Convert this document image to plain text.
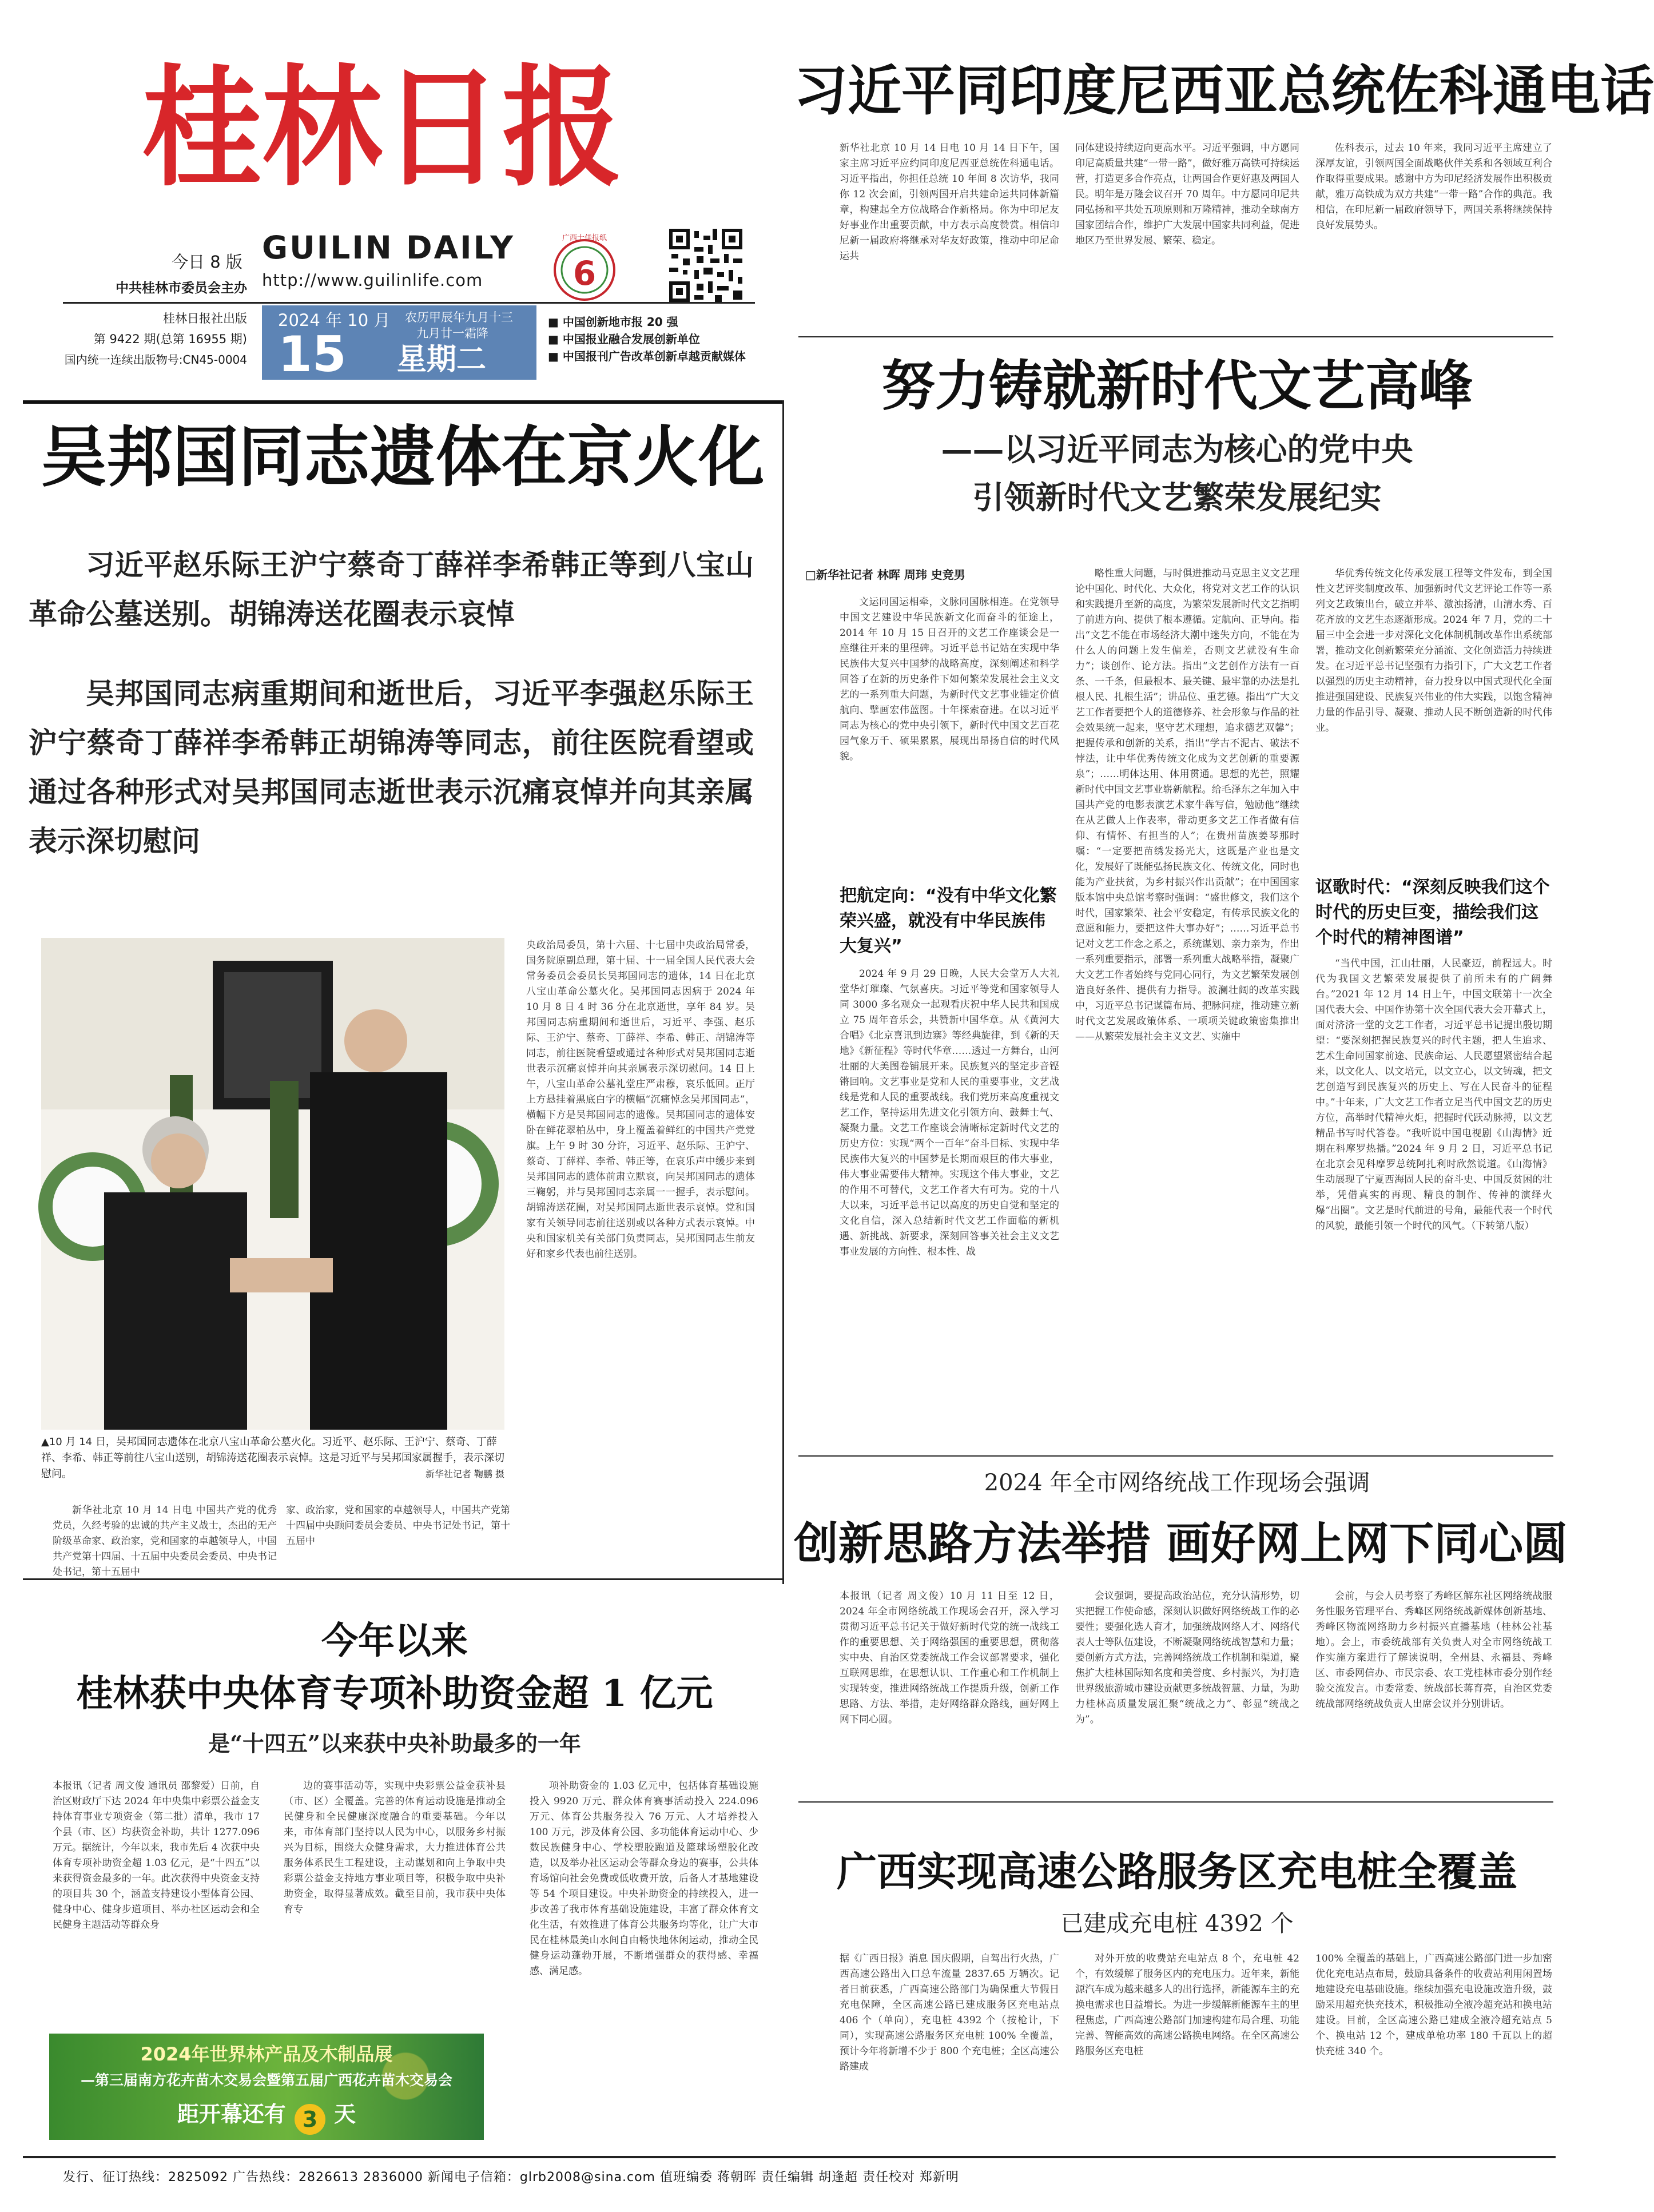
桂林日报
今日 8 版
中共桂林市委员会主办
GUILIN DAILY
http://www.guilinlife.com	6
广西十佳报纸
桂林日报社出版
第 9422 期(总第 16955 期)
国内统一连续出版物号:CN45-0004
2024 年 10 月
15
农历甲辰年九月十三
九月廿一霜降
星期二
■ 中国创新地市报 20 强
■ 中国报业融合发展创新单位
■ 中国报刊广告改革创新卓越贡献媒体
吴邦国同志遗体在京火化

习近平赵乐际王沪宁蔡奇丁薛祥李希韩正等到八宝山革命公墓送别。胡锦涛送花圈表示哀悼

吴邦国同志病重期间和逝世后，习近平李强赵乐际王沪宁蔡奇丁薛祥李希韩正胡锦涛等同志，前往医院看望或通过各种形式对吴邦国同志逝世表示沉痛哀悼并向其亲属表示深切慰问

▲10 月 14 日，吴邦国同志遗体在北京八宝山革命公墓火化。习近平、赵乐际、王沪宁、蔡奇、丁薛祥、李希、韩正等前往八宝山送别，胡锦涛送花圈表示哀悼。这是习近平与吴邦国家属握手，表示深切慰问。	新华社记者 鞠鹏 摄

央政治局委员，第十六届、十七届中央政治局常委，国务院原副总理，第十届、十一届全国人民代表大会常务委员会委员长吴邦国同志的遗体，14 日在北京八宝山革命公墓火化。吴邦国同志因病于 2024 年 10 月 8 日 4 时 36 分在北京逝世，享年 84 岁。吴邦国同志病重期间和逝世后，习近平、李强、赵乐际、王沪宁、蔡奇、丁薛祥、李希、韩正、胡锦涛等同志，前往医院看望或通过各种形式对吴邦国同志逝世表示沉痛哀悼并向其亲属表示深切慰问。14 日上午，八宝山革命公墓礼堂庄严肃穆，哀乐低回。正厅上方悬挂着黑底白字的横幅“沉痛悼念吴邦国同志”，横幅下方是吴邦国同志的遗像。吴邦国同志的遗体安卧在鲜花翠柏丛中，身上覆盖着鲜红的中国共产党党旗。上午 9 时 30 分许，习近平、赵乐际、王沪宁、蔡奇、丁薛祥、李希、韩正等，在哀乐声中缓步来到吴邦国同志的遗体前肃立默哀，向吴邦国同志的遗体三鞠躬，并与吴邦国同志亲属一一握手，表示慰问。胡锦涛送花圈，对吴邦国同志逝世表示哀悼。党和国家有关领导同志前往送别或以各种方式表示哀悼。中央和国家机关有关部门负责同志，吴邦国同志生前友好和家乡代表也前往送别。

新华社北京 10 月 14 日电 中国共产党的优秀党员，久经考验的忠诚的共产主义战士，杰出的无产阶级革命家、政治家，党和国家的卓越领导人，中国共产党第十四届、十五届中央委员会委员、中央书记处书记，第十五届中

家、政治家，党和国家的卓越领导人，中国共产党第十四届中央顾问委员会委员、中央书记处书记，第十五届中

今年以来
桂林获中央体育专项补助资金超 1 亿元
是“十四五”以来获中央补助最多的一年

本报讯（记者 周文俊 通讯员 邵黎爱）日前，自治区财政厅下达 2024 年中央集中彩票公益金支持体育事业专项资金（第二批）清单，我市 17 个县（市、区）均获资金补助，共计 1277.096 万元。据统计，今年以来，我市先后 4 次获中央体育专项补助资金超 1.03 亿元，是“十四五”以来获得资金最多的一年。此次获得中央资金支持的项目共 30 个，涵盖支持建设小型体育公园、健身中心、健身步道项目、举办社区运动会和全民健身主题活动等群众身

边的赛事活动等，实现中央彩票公益金获补县（市、区）全覆盖。完善的体育运动设施是推动全民健身和全民健康深度融合的重要基础。今年以来，市体育部门坚持以人民为中心，以服务乡村振兴为目标，围绕大众健身需求，大力推进体育公共服务体系民生工程建设，主动谋划和向上争取中央彩票公益金支持地方事业项目等，积极争取中央补助资金，取得显著成效。截至目前，我市获中央体育专

项补助资金的 1.03 亿元中，包括体育基础设施投入 9920 万元、群众体育赛事活动投入 224.096 万元、体育公共服务投入 76 万元、人才培养投入 100 万元，涉及体育公园、多功能体育运动中心、少数民族健身中心、学校塑胶跑道及篮球场塑胶化改造，以及举办社区运动会等群众身边的赛事，公共体育场馆向社会免费或低收费开放，后备人才基地建设等 54 个项目建设。中央补助资金的持续投入，进一步改善了我市体育基础设施建设，丰富了群众体育文化生活，有效推进了体育公共服务均等化，让广大市民在桂林最美山水间自由畅快地休闲运动，推动全民健身运动蓬勃开展，不断增强群众的获得感、幸福感、满足感。

2024年世界林产品及木制品展
—第三届南方花卉苗木交易会暨第五届广西花卉苗木交易会
距开幕还有 3 天
习近平同印度尼西亚总统佐科通电话

新华社北京 10 月 14 日电 10 月 14 日下午，国家主席习近平应约同印度尼西亚总统佐科通电话。习近平指出，你担任总统 10 年间 8 次访华，我同你 12 次会面，引领两国开启共建命运共同体新篇章，构建起全方位战略合作新格局。你为中印尼友好事业作出重要贡献，中方表示高度赞赏。相信印尼新一届政府将继承对华友好政策，推动中印尼命运共

同体建设持续迈向更高水平。习近平强调，中方愿同印尼高质量共建“一带一路”，做好雅万高铁可持续运营，打造更多合作亮点，让两国合作更好惠及两国人民。明年是万隆会议召开 70 周年。中方愿同印尼共同弘扬和平共处五项原则和万隆精神，推动全球南方国家团结合作，维护广大发展中国家共同利益，促进地区乃至世界发展、繁荣、稳定。

佐科表示，过去 10 年来，我同习近平主席建立了深厚友谊，引领两国全面战略伙伴关系和各领域互利合作取得重要成果。感谢中方为印尼经济发展作出积极贡献，雅万高铁成为双方共建“一带一路”合作的典范。我相信，在印尼新一届政府领导下，两国关系将继续保持良好发展势头。

努力铸就新时代文艺高峰
——以习近平同志为核心的党中央
引领新时代文艺繁荣发展纪实
□新华社记者 林晖 周玮 史竞男

文运同国运相牵，文脉同国脉相连。在党领导中国文艺建设中华民族新文化而奋斗的征途上，2014 年 10 月 15 日召开的文艺工作座谈会是一座继往开来的里程碑。习近平总书记站在实现中华民族伟大复兴中国梦的战略高度，深刻阐述和科学回答了在新的历史条件下如何繁荣发展社会主义文艺的一系列重大问题，为新时代文艺事业锚定价值航向、擘画宏伟蓝图。十年探索奋进。在以习近平同志为核心的党中央引领下，新时代中国文艺百花园气象万千、硕果累累，展现出昂扬自信的时代风貌。

把航定向：“没有中华文化繁荣兴盛，就没有中华民族伟大复兴”

2024 年 9 月 29 日晚，人民大会堂万人大礼堂华灯璀璨、气氛喜庆。习近平等党和国家领导人同 3000 多名观众一起观看庆祝中华人民共和国成立 75 周年音乐会，共赞新中国华章。从《黄河大合唱》《北京喜讯到边寨》等经典旋律，到《新的天地》《新征程》等时代华章……透过一方舞台，山河壮丽的大美图卷铺展开来。民族复兴的坚定步音铿锵回响。文艺事业是党和人民的重要事业，文艺战线是党和人民的重要战线。我们党历来高度重视文艺工作，坚持运用先进文化引领方向、鼓舞士气、凝聚力量。文艺工作座谈会清晰标定新时代文艺的历史方位：实现“两个一百年”奋斗目标、实现中华民族伟大复兴的中国梦是长期而艰巨的伟大事业，伟大事业需要伟大精神。实现这个伟大事业，文艺的作用不可替代，文艺工作者大有可为。党的十八大以来，习近平总书记以高度的历史自觉和坚定的文化自信，深入总结新时代文艺工作面临的新机遇、新挑战、新要求，深刻回答事关社会主义文艺事业发展的方向性、根本性、战

略性重大问题，与时俱进推动马克思主义文艺理论中国化、时代化、大众化，将党对文艺工作的认识和实践提升至新的高度，为繁荣发展新时代文艺指明了前进方向、提供了根本遵循。定航向、正导向。指出“文艺不能在市场经济大潮中迷失方向，不能在为什么人的问题上发生偏差，否则文艺就没有生命力”；谈创作、论方法。指出“文艺创作方法有一百条、一千条，但最根本、最关键、最牢靠的办法是扎根人民、扎根生活”；讲品位、重艺德。指出“广大文艺工作者要把个人的道德修养、社会形象与作品的社会效果统一起来，坚守艺术理想，追求德艺双馨”；把握传承和创新的关系，指出“学古不泥古、破法不悖法，让中华优秀传统文化成为文艺创新的重要源泉”；……明体达用、体用贯通。思想的光芒，照耀新时代中国文艺事业崭新航程。给毛泽东之年加入中国共产党的电影表演艺术家牛犇写信，勉励他“继续在从艺做人上作表率，带动更多文艺工作者做有信仰、有情怀、有担当的人”；在贵州苗族姜琴那时嘱：“一定要把苗绣发扬光大，这既是产业也是文化，发展好了既能弘扬民族文化、传统文化，同时也能为产业扶贫，为乡村振兴作出贡献”；在中国国家版本馆中央总馆考察时强调：“盛世修文，我们这个时代，国家繁荣、社会平安稳定，有传承民族文化的意愿和能力，要把这件大事办好”；……习近平总书记对文艺工作念之系之，系统谋划、亲力亲为，作出一系列重要指示，部署一系列重大战略举措，凝聚广大文艺工作者始终与党同心同行，为文艺繁荣发展创造良好条件、提供有力指导。波澜壮阔的改革实践中，习近平总书记谋篇布局、把脉问症，推动建立新时代文艺发展政策体系、一项项关键政策密集推出——从繁荣发展社会主义文艺、实施中

华优秀传统文化传承发展工程等文件发布，到全国性文艺评奖制度改革、加强新时代文艺评论工作等一系列文艺政策出台，破立并举、激浊扬清，山清水秀、百花齐放的文艺生态逐渐形成。2024 年 7 月，党的二十届三中全会进一步对深化文化体制机制改革作出系统部署，推动文化创新繁荣充分涌流、文化创造活力持续迸发。在习近平总书记坚强有力指引下，广大文艺工作者以强烈的历史主动精神，奋力投身以中国式现代化全面推进强国建设、民族复兴伟业的伟大实践，以饱含精神力量的作品引导、凝聚、推动人民不断创造新的时代伟业。

讴歌时代：“深刻反映我们这个时代的历史巨变，描绘我们这个时代的精神图谱”

“当代中国，江山壮丽，人民豪迈，前程远大。时代为我国文艺繁荣发展提供了前所未有的广阔舞台。”2021 年 12 月 14 日上午，中国文联第十一次全国代表大会、中国作协第十次全国代表大会开幕式上，面对济济一堂的文艺工作者，习近平总书记提出殷切期望：“要深刻把握民族复兴的时代主题，把人生追求、艺术生命同国家前途、民族命运、人民愿望紧密结合起来，以文化人、以文培元，以文立心，以文铸魂，把文艺创造写到民族复兴的历史上、写在人民奋斗的征程中。”十年来，广大文艺工作者立足当代中国文艺的历史方位，高举时代精神火炬，把握时代跃动脉搏，以文艺精品书写时代答卷。“我听说中国电视剧《山海情》近期在科摩罗热播。”2024 年 9 月 2 日，习近平总书记在北京会见科摩罗总统阿扎利时欣然说道。《山海情》生动展现了宁夏西海固人民的奋斗史、中国反贫困的壮举，凭借真实的再现、精良的制作、传神的演绎火爆“出圈”。文艺是时代前进的号角，最能代表一个时代的风貌，最能引领一个时代的风气。（下转第八版）

2024 年全市网络统战工作现场会强调
创新思路方法举措 画好网上网下同心圆

本报讯（记者 周文俊）10 月 11 日至 12 日，2024 年全市网络统战工作现场会召开，深入学习贯彻习近平总书记关于做好新时代党的统一战线工作的重要思想、关于网络强国的重要思想，贯彻落实中央、自治区党委统战工作会议部署要求，强化互联网思维，在思想认识、工作重心和工作机制上实现转变，推进网络统战工作提质升级，创新工作思路、方法、举措，走好网络群众路线，画好网上网下同心圆。

会议强调，要提高政治站位，充分认清形势，切实把握工作使命感，深刻认识做好网络统战工作的必要性；要强化选人育才，加强统战网络人才、网络代表人士等队伍建设，不断凝聚网络统战智慧和力量；要创新方式方法，完善网络统战工作机制和渠道，聚焦扩大桂林国际知名度和美誉度、乡村振兴，为打造世界级旅游城市建设贡献更多统战智慧、力量，为助力桂林高质量发展汇聚“统战之力”、彰显“统战之为”。

会前，与会人员考察了秀峰区解东社区网络统战服务性服务管理平台、秀峰区网络统战新媒体创新基地、秀峰区物流网络助力乡村振兴直播基地（桂林公社基地）。会上，市委统战部有关负责人对全市网络统战工作实施方案进行了解读说明，全州县、永福县、秀峰区、市委网信办、市民宗委、农工党桂林市委分别作经验交流发言。市委常委、统战部长蒋育亮，自治区党委统战部网络统战负责人出席会议并分别讲话。

广西实现高速公路服务区充电桩全覆盖
已建成充电桩 4392 个

据《广西日报》消息 国庆假期，自驾出行火热，广西高速公路出入口总车流量 2837.65 万辆次。记者日前获悉，广西高速公路部门为确保重大节假日充电保障，全区高速公路已建成服务区充电站点 406 个（单向），充电桩 4392 个（按枪计，下同），实现高速公路服务区充电桩 100% 全覆盖，预计今年将新增不少于 800 个充电桩；全区高速公路建成

对外开放的收费站充电站点 8 个，充电桩 42 个，有效缓解了服务区内的充电压力。近年来，新能源汽车成为越来越多人的出行选择，新能源车主的充换电需求也日益增长。为进一步缓解新能源车主的里程焦虑，广西高速公路部门加速构建布局合理、功能完善、智能高效的高速公路换电网络。在全区高速公路服务区充电桩

100% 全覆盖的基础上，广西高速公路部门进一步加密优化充电站点布局，鼓励具备条件的收费站利用闲置场地建设充电基础设施。继续加强充电设施改造升级，鼓励采用超充快充技术，积极推动全液冷超充站和换电站建设。目前，全区高速公路已建成全液冷超充站点 5 个、换电站 12 个，建成单枪功率 180 千瓦以上的超快充桩 340 个。

发行、征订热线：2825092 广告热线：2826613 2836000 新闻电子信箱：glrb2008@sina.com 值班编委 蒋朝晖 责任编辑 胡逢超 责任校对 郑新明
